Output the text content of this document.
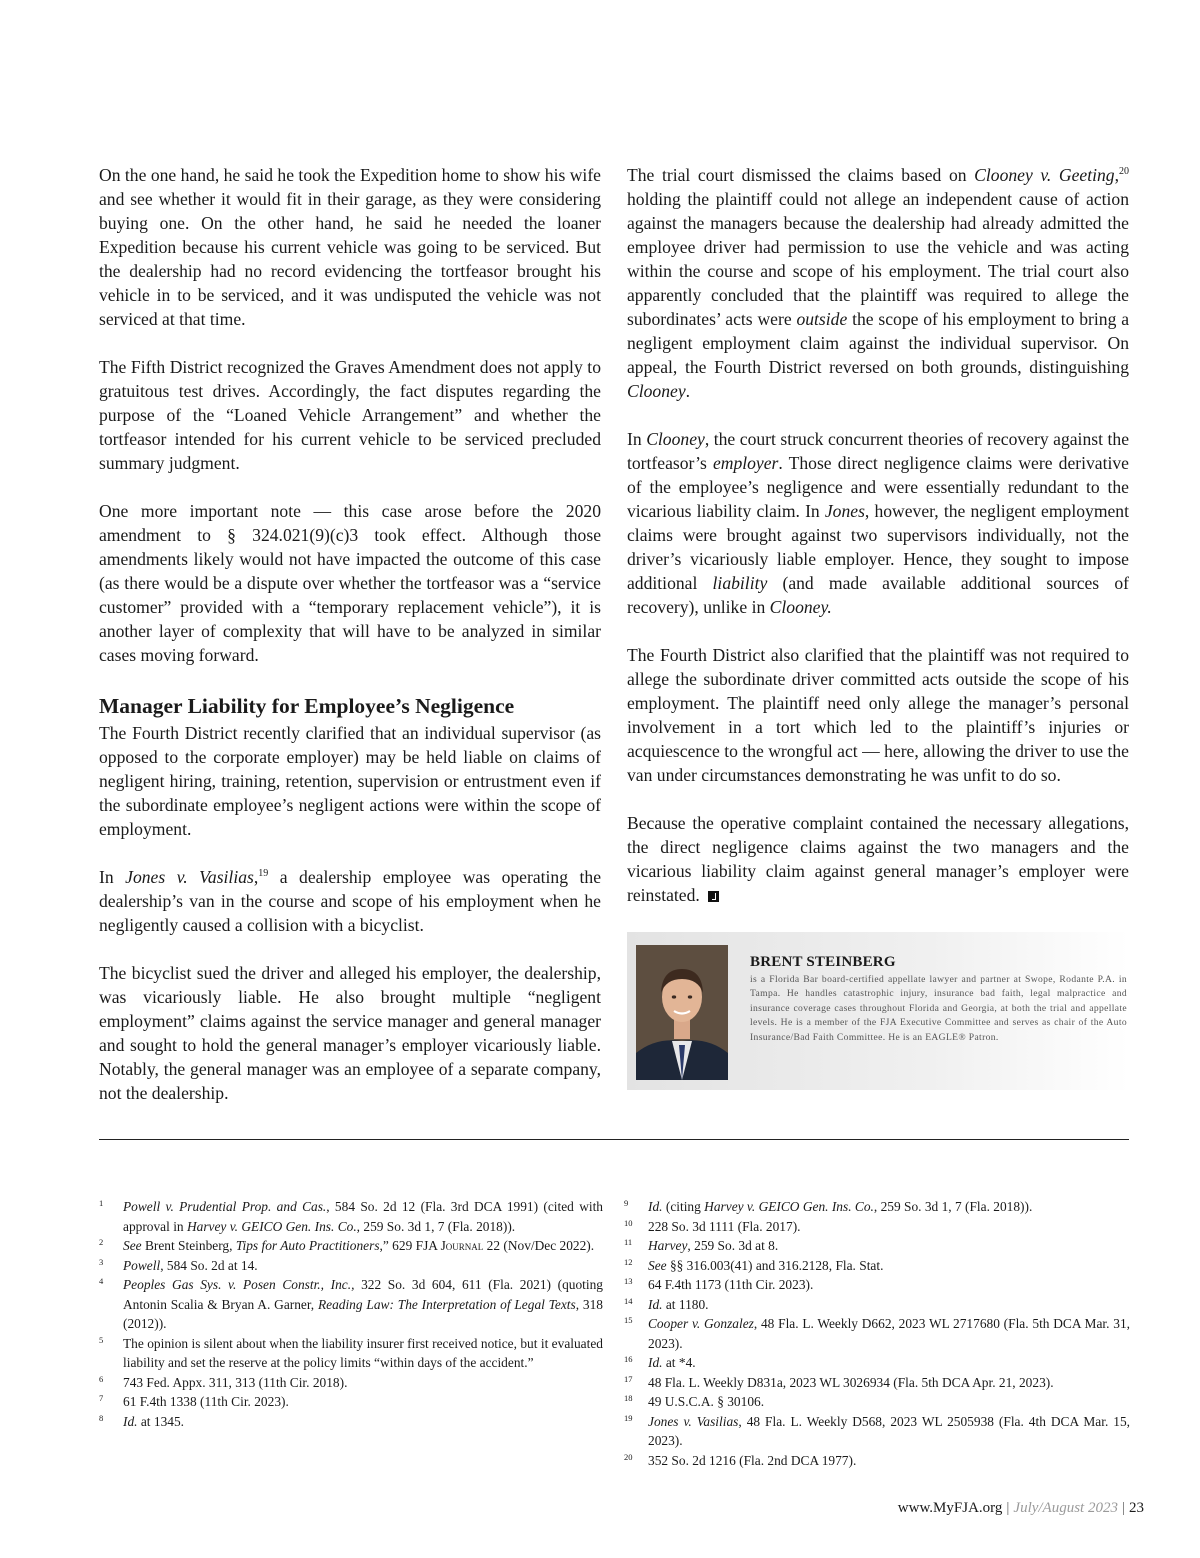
On the one hand, he said he took the Expedition home to show his wife and see whether it would fit in their garage, as they were considering buying one. On the other hand, he said he needed the loaner Expedition because his current vehicle was going to be serviced. But the dealership had no record evidencing the tortfeasor brought his vehicle in to be serviced, and it was undisputed the vehicle was not serviced at that time.

The Fifth District recognized the Graves Amendment does not apply to gratuitous test drives. Accordingly, the fact disputes regarding the purpose of the “Loaned Vehicle Arrangement” and whether the tortfeasor intended for his current vehicle to be serviced precluded summary judgment.

One more important note — this case arose before the 2020 amendment to § 324.021(9)(c)3 took effect. Although those amendments likely would not have impacted the outcome of this case (as there would be a dispute over whether the tortfeasor was a “service customer” provided with a “temporary replacement vehicle”), it is another layer of complexity that will have to be analyzed in similar cases moving forward.

Manager Liability for Employee’s Negligence

The Fourth District recently clarified that an individual supervisor (as opposed to the corporate employer) may be held liable on claims of negligent hiring, training, retention, supervision or entrustment even if the subordinate employee’s negligent actions were within the scope of employment.

In Jones v. Vasilias,$^{19}$ a dealership employee was operating the dealership’s van in the course and scope of his employment when he negligently caused a collision with a bicyclist.

The bicyclist sued the driver and alleged his employer, the dealership, was vicariously liable. He also brought multiple “negligent employment” claims against the service manager and general manager and sought to hold the general manager’s employer vicariously liable. Notably, the general manager was an employee of a separate company, not the dealership.

The trial court dismissed the claims based on Clooney v. Geeting,$^{20}$ holding the plaintiff could not allege an independent cause of action against the managers because the dealership had already admitted the employee driver had permission to use the vehicle and was acting within the course and scope of his employment. The trial court also apparently concluded that the plaintiff was required to allege the subordinates’ acts were outside the scope of his employment to bring a negligent employment claim against the individual supervisor. On appeal, the Fourth District reversed on both grounds, distinguishing Clooney.

In Clooney, the court struck concurrent theories of recovery against the tortfeasor’s employer. Those direct negligence claims were derivative of the employee’s negligence and were essentially redundant to the vicarious liability claim. In Jones, however, the negligent employment claims were brought against two supervisors individually, not the driver’s vicariously liable employer. Hence, they sought to impose additional liability (and made available additional sources of recovery), unlike in Clooney.

The Fourth District also clarified that the plaintiff was not required to allege the subordinate driver committed acts outside the scope of his employment. The plaintiff need only allege the manager’s personal involvement in a tort which led to the plaintiff’s injuries or acquiescence to the wrongful act — here, allowing the driver to use the van under circumstances demonstrating he was unfit to do so.

Because the operative complaint contained the necessary allegations, the direct negligence claims against the two managers and the vicarious liability claim against general manager’s employer were reinstated.

BRENT STEINBERG
is a Florida Bar board-certified appellate lawyer and partner at Swope, Rodante P.A. in Tampa. He handles catastrophic injury, insurance bad faith, legal malpractice and insurance coverage cases throughout Florida and Georgia, at both the trial and appellate levels. He is a member of the FJA Executive Committee and serves as chair of the Auto Insurance/Bad Faith Committee. He is an EAGLE® Patron.
1 Powell v. Prudential Prop. and Cas., 584 So. 2d 12 (Fla. 3rd DCA 1991) (cited with approval in Harvey v. GEICO Gen. Ins. Co., 259 So. 3d 1, 7 (Fla. 2018)).
2 See Brent Steinberg, Tips for Auto Practitioners,” 629 FJA Journal 22 (Nov/Dec 2022).
3 Powell, 584 So. 2d at 14.
4 Peoples Gas Sys. v. Posen Constr., Inc., 322 So. 3d 604, 611 (Fla. 2021) (quoting Antonin Scalia & Bryan A. Garner, Reading Law: The Interpretation of Legal Texts, 318 (2012)).
5 The opinion is silent about when the liability insurer first received notice, but it evaluated liability and set the reserve at the policy limits “within days of the accident.”
6 743 Fed. Appx. 311, 313 (11th Cir. 2018).
7 61 F.4th 1338 (11th Cir. 2023).
8 Id. at 1345.
9 Id. (citing Harvey v. GEICO Gen. Ins. Co., 259 So. 3d 1, 7 (Fla. 2018)).
10 228 So. 3d 1111 (Fla. 2017).
11 Harvey, 259 So. 3d at 8.
12 See §§ 316.003(41) and 316.2128, Fla. Stat.
13 64 F.4th 1173 (11th Cir. 2023).
14 Id. at 1180.
15 Cooper v. Gonzalez, 48 Fla. L. Weekly D662, 2023 WL 2717680 (Fla. 5th DCA Mar. 31, 2023).
16 Id. at *4.
17 48 Fla. L. Weekly D831a, 2023 WL 3026934 (Fla. 5th DCA Apr. 21, 2023).
18 49 U.S.C.A. § 30106.
19 Jones v. Vasilias, 48 Fla. L. Weekly D568, 2023 WL 2505938 (Fla. 4th DCA Mar. 15, 2023).
20 352 So. 2d 1216 (Fla. 2nd DCA 1977).
www.MyFJA.org | July/August 2023 | 23
